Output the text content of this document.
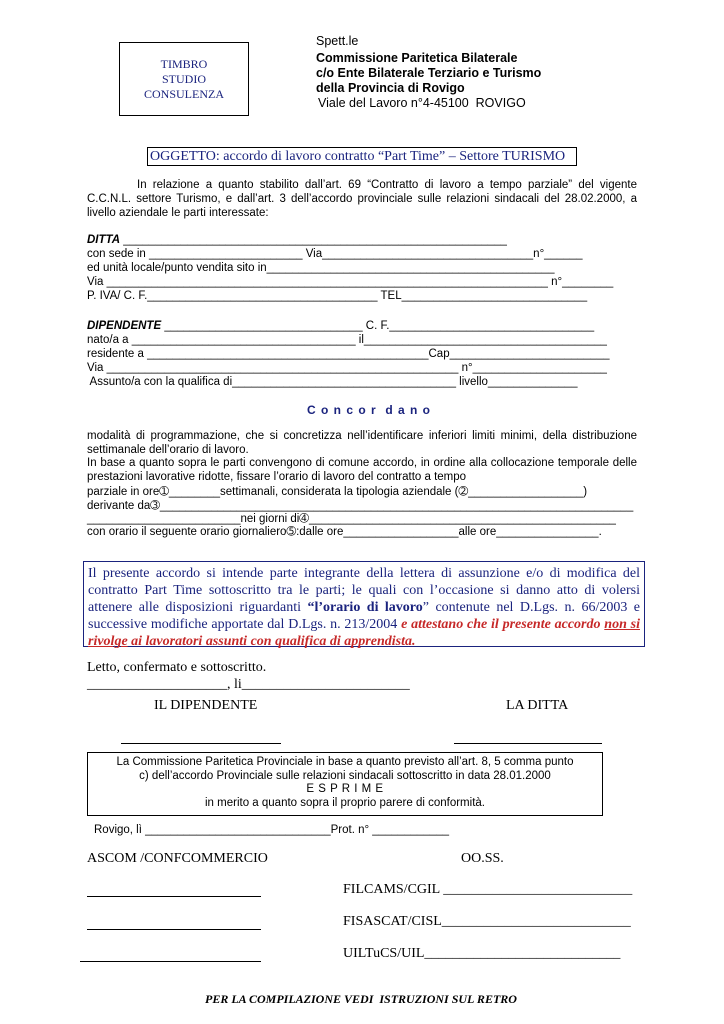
TIMBRO
STUDIO
CONSULENZA
Spett.le
Commissione Paritetica Bilaterale
c/o Ente Bilaterale Terziario e Turismo
della Provincia di Rovigo
Viale del Lavoro n°4-45100  ROVIGO
OGGETTO: accordo di lavoro contratto “Part Time” – Settore TURISMO
In relazione a quanto stabilito dall’art. 69 “Contratto di lavoro a tempo parziale” del vigente C.C.N.L. settore Turismo, e dall’art. 3 dell’accordo provinciale sulle relazioni sindacali del 28.02.2000, a livello aziendale le parti interessate:
DITTA ____________________________________________________________
con sede in ________________________ Via_________________________________n°______
ed unità locale/punto vendita sito in_____________________________________________
Via _____________________________________________________________________ n°________
P. IVA/ C. F.____________________________________ TEL_____________________________
DIPENDENTE _______________________________ C. F.________________________________
nato/a a ___________________________________ il______________________________________
residente a ____________________________________________Cap_________________________
Via _______________________________________________________ n°_____________________
Assunto/a con la qualifica di___________________________________ livello______________
C o n c o r  d a n o
modalità di programmazione, che si concretizza nell’identificare inferiori limiti minimi, della distribuzione settimanale dell’orario di lavoro.
In base a quanto sopra le parti convengono di comune accordo, in ordine alla collocazione temporale delle prestazioni lavorative ridotte, fissare l’orario di lavoro del contratto a tempo
parziale in ore➀________settimanali, considerata la tipologia aziendale (➁__________________)
derivante da➂__________________________________________________________________________
________________________nei giorni di➃________________________________________________
con orario il seguente orario giornaliero➄:dalle ore__________________alle ore________________.
Il presente accordo si intende parte integrante della lettera di assunzione e/o di modifica del contratto Part Time sottoscritto tra le parti; le quali con l’occasione si danno atto di volersi attenere alle disposizioni riguardanti “l’orario di lavoro” contenute nel D.Lgs. n. 66/2003 e successive modifiche apportate dal D.Lgs. n. 213/2004 e attestano che il presente accordo non si rivolge ai lavoratori assunti con qualifica di apprendista.
Letto, confermato e sottoscritto.
____________________, li________________________
IL DIPENDENTE	LA DITTA
La Commissione Paritetica Provinciale in base a quanto previsto all’art. 8, 5 comma punto
c) dell’accordo Provinciale sulle relazioni sindacali sottoscritto in data 28.01.2000
E S P R I M E
in merito a quanto sopra il proprio parere di conformità.
Rovigo, lì _____________________________Prot. n° ____________
ASCOM /CONFCOMMERCIO	OO.SS.
FILCAMS/CGIL ___________________________
FISASCAT/CISL___________________________
UILTuCS/UIL____________________________
PER LA COMPILAZIONE VEDI  ISTRUZIONI SUL RETRO
